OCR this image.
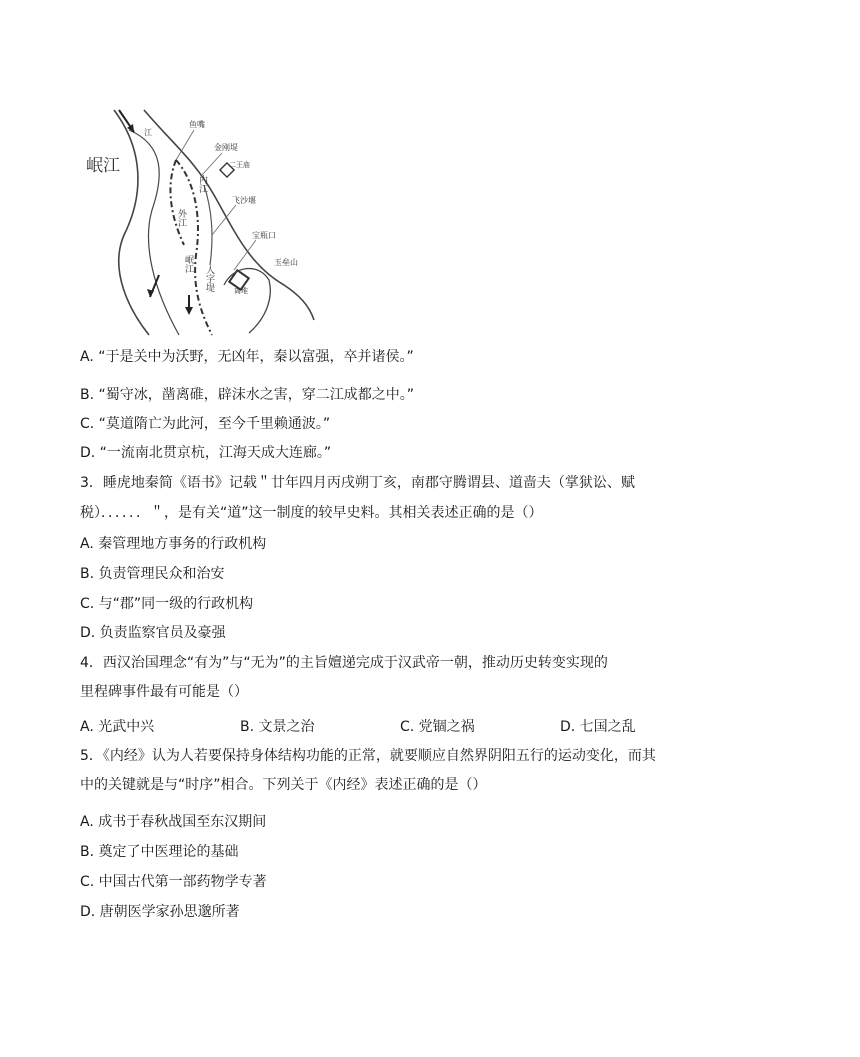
岷江
鱼嘴
金刚堤
二王庙
飞沙堰
宝瓶口
玉垒山
离堆
外江
内江
岷江
人字堤
江
A. “于是关中为沃野，无凶年，秦以富强，卒并诸侯。”
B. “蜀守冰，凿离碓，辟沫水之害，穿二江成都之中。”
C. “莫道隋亡为此河，至今千里赖通波。”
D. “一流南北贯京杭，江海天成大连廊。”
3．睡虎地秦简《语书》记载＂廿年四月丙戌朔丁亥，南郡守腾谓县、道啬夫（掌狱讼、赋
税）．．．．．．＂，是有关“道”这一制度的较早史料。其相关表述正确的是（）
A. 秦管理地方事务的行政机构
B. 负责管理民众和治安
C. 与“郡”同一级的行政机构
D. 负责监察官员及豪强
4．西汉治国理念“有为”与“无为”的主旨嬗递完成于汉武帝一朝，推动历史转变实现的
里程碑事件最有可能是（）
A. 光武中兴	B. 文景之治	C. 党锢之祸	D. 七国之乱
5．《内经》认为人若要保持身体结构功能的正常，就要顺应自然界阴阳五行的运动变化，而其
中的关键就是与“时序”相合。下列关于《内经》表述正确的是（）
A. 成书于春秋战国至东汉期间
B. 奠定了中医理论的基础
C. 中国古代第一部药物学专著
D. 唐朝医学家孙思邈所著
